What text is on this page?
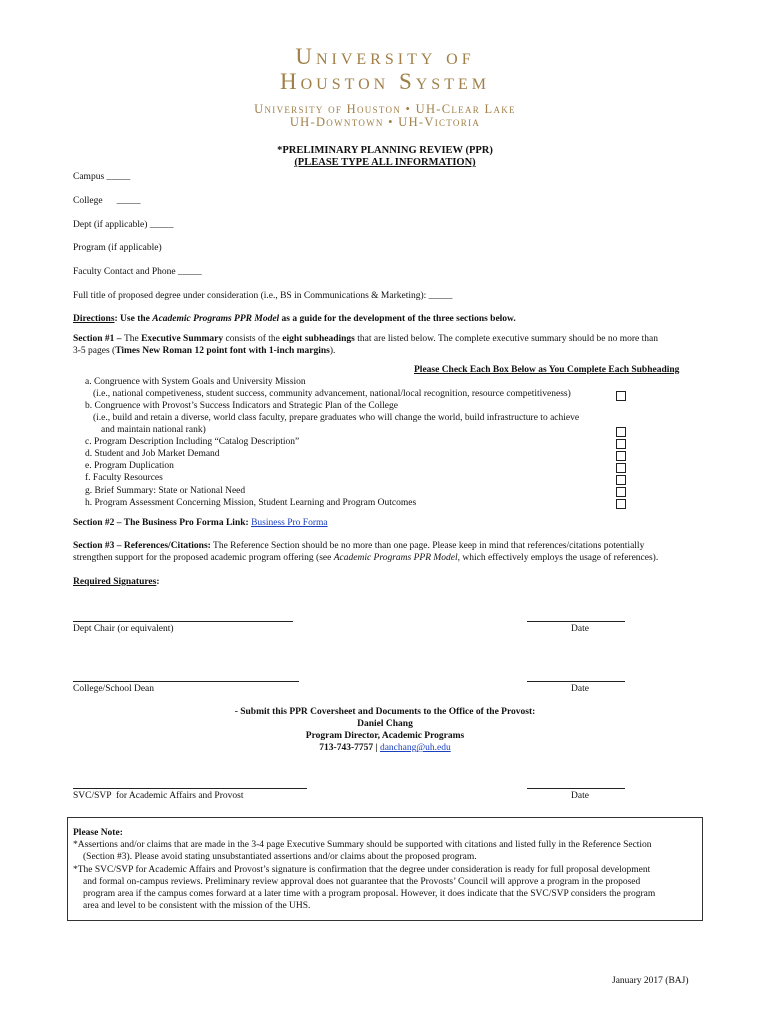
University of
Houston System
University of Houston • UH-Clear Lake
UH-Downtown • UH-Victoria
*PRELIMINARY PLANNING REVIEW (PPR)
(PLEASE TYPE ALL INFORMATION)
Campus _____
College      _____
Dept (if applicable) _____
Program (if applicable)
Faculty Contact and Phone _____
Full title of proposed degree under consideration (i.e., BS in Communications & Marketing): _____
Directions: Use the Academic Programs PPR Model as a guide for the development of the three sections below.
Section #1 – The Executive Summary consists of the eight subheadings that are listed below. The complete executive summary should be no more than
3-5 pages (Times New Roman 12 point font with 1-inch margins).
Please Check Each Box Below as You Complete Each Subheading
a. Congruence with System Goals and University Mission
(i.e., national competiveness, student success, community advancement, national/local recognition, resource competitiveness)
b. Congruence with Provost’s Success Indicators and Strategic Plan of the College
(i.e., build and retain a diverse, world class faculty, prepare graduates who will change the world, build infrastructure to achieve
and maintain national rank)
c. Program Description Including “Catalog Description”
d. Student and Job Market Demand
e. Program Duplication
f. Faculty Resources
g. Brief Summary: State or National Need
h. Program Assessment Concerning Mission, Student Learning and Program Outcomes
Section #2 – The Business Pro Forma Link: Business Pro Forma
Section #3 – References/Citations: The Reference Section should be no more than one page. Please keep in mind that references/citations potentially
strengthen support for the proposed academic program offering (see Academic Programs PPR Model, which effectively employs the usage of references).
Required Signatures:
Dept Chair (or equivalent)	Date
College/School Dean	Date
- Submit this PPR Coversheet and Documents to the Office of the Provost:
Daniel Chang
Program Director, Academic Programs
713-743-7757 | danchang@uh.edu
SVC/SVP  for Academic Affairs and Provost	Date
Please Note:
*Assertions and/or claims that are made in the 3-4 page Executive Summary should be supported with citations and listed fully in the Reference Section
(Section #3). Please avoid stating unsubstantiated assertions and/or claims about the proposed program.
*The SVC/SVP for Academic Affairs and Provost’s signature is confirmation that the degree under consideration is ready for full proposal development
and formal on-campus reviews. Preliminary review approval does not guarantee that the Provosts’ Council will approve a program in the proposed
program area if the campus comes forward at a later time with a program proposal. However, it does indicate that the SVC/SVP considers the program
area and level to be consistent with the mission of the UHS.
January 2017 (BAJ)
